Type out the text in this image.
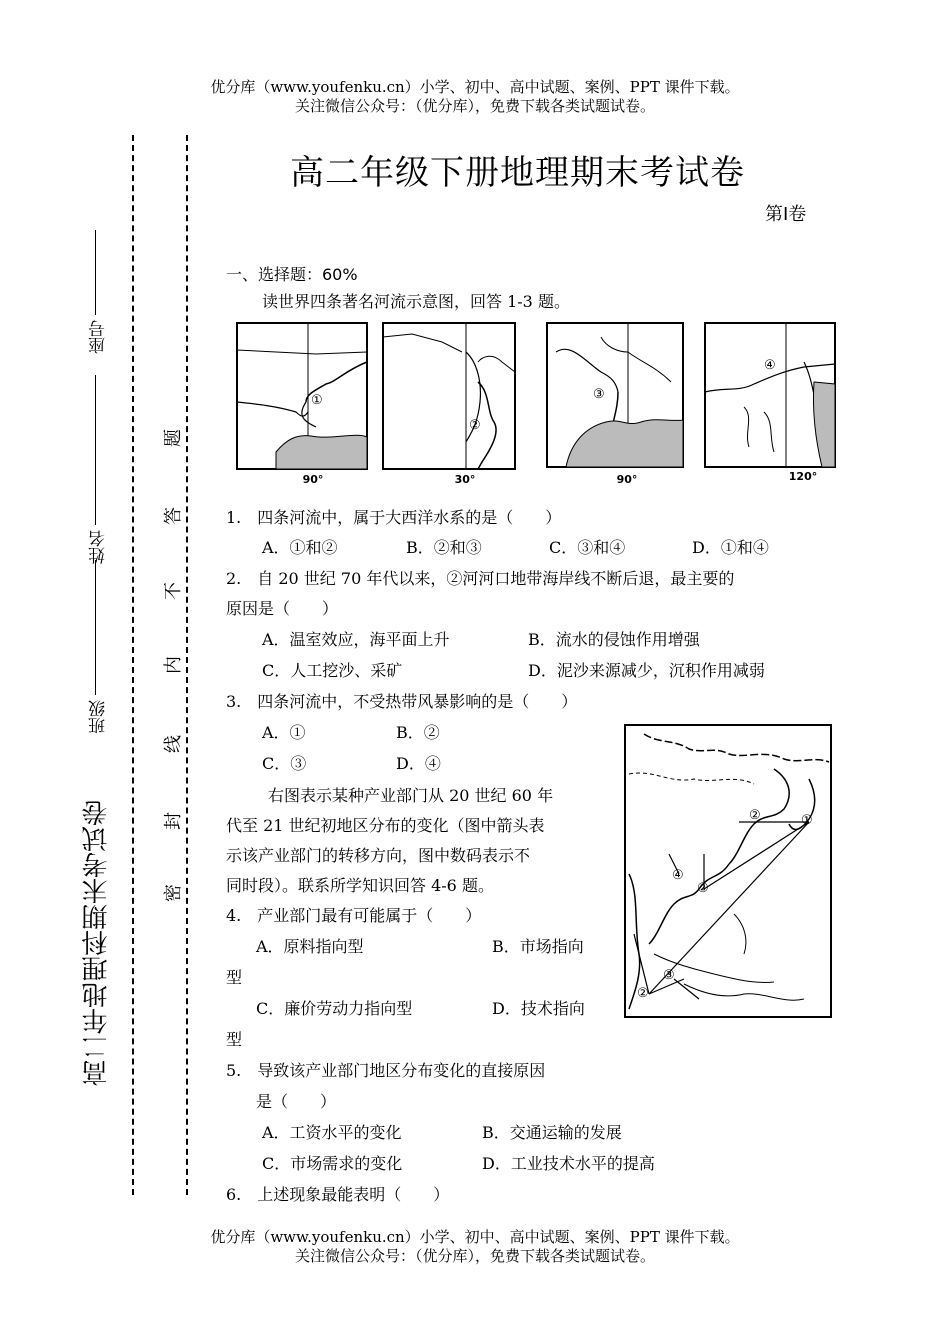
优分库（www.youfenku.cn）小学、初中、高中试题、案例、PPT 课件下载。
关注微信公众号：（优分库），免费下载各类试题试卷。
高二年地理科期末考试卷
班级
姓名
座号
密
封
线
内
不
答
题
高二年级下册地理期末考试卷
第Ⅰ卷
一、选择题：60%
读世界四条著名河流示意图，回答 1-3 题。
90°	30°	90°	120°
①
②
③
④
1.　四条河流中，属于大西洋水系的是（　　）
A．①和②	B．②和③	C．③和④	D．①和④
2.　自 20 世纪 70 年代以来，②河河口地带海岸线不断后退，最主要的
原因是（　　）
A．温室效应，海平面上升	B．流水的侵蚀作用增强
C．人工挖沙、采矿	D．泥沙来源减少，沉积作用减弱
3.　四条河流中，不受热带风暴影响的是（　　）
A．①	B．②
C．③	D．④
右图表示某种产业部门从 20 世纪 60 年
代至 21 世纪初地区分布的变化（图中箭头表
示该产业部门的转移方向，图中数码表示不
同时段）。联系所学知识回答 4-6 题。
4.　产业部门最有可能属于（　　）
A．原料指向型	B．市场指向
型
C．廉价劳动力指向型	D．技术指向
型
5.　导致该产业部门地区分布变化的直接原因
是（　　）
A．工资水平的变化	B．交通运输的发展
C．市场需求的变化	D．工业技术水平的提高
6.　上述现象最能表明（　　）
①
②
②
④
③
②
优分库（www.youfenku.cn）小学、初中、高中试题、案例、PPT 课件下载。
关注微信公众号：（优分库），免费下载各类试题试卷。
